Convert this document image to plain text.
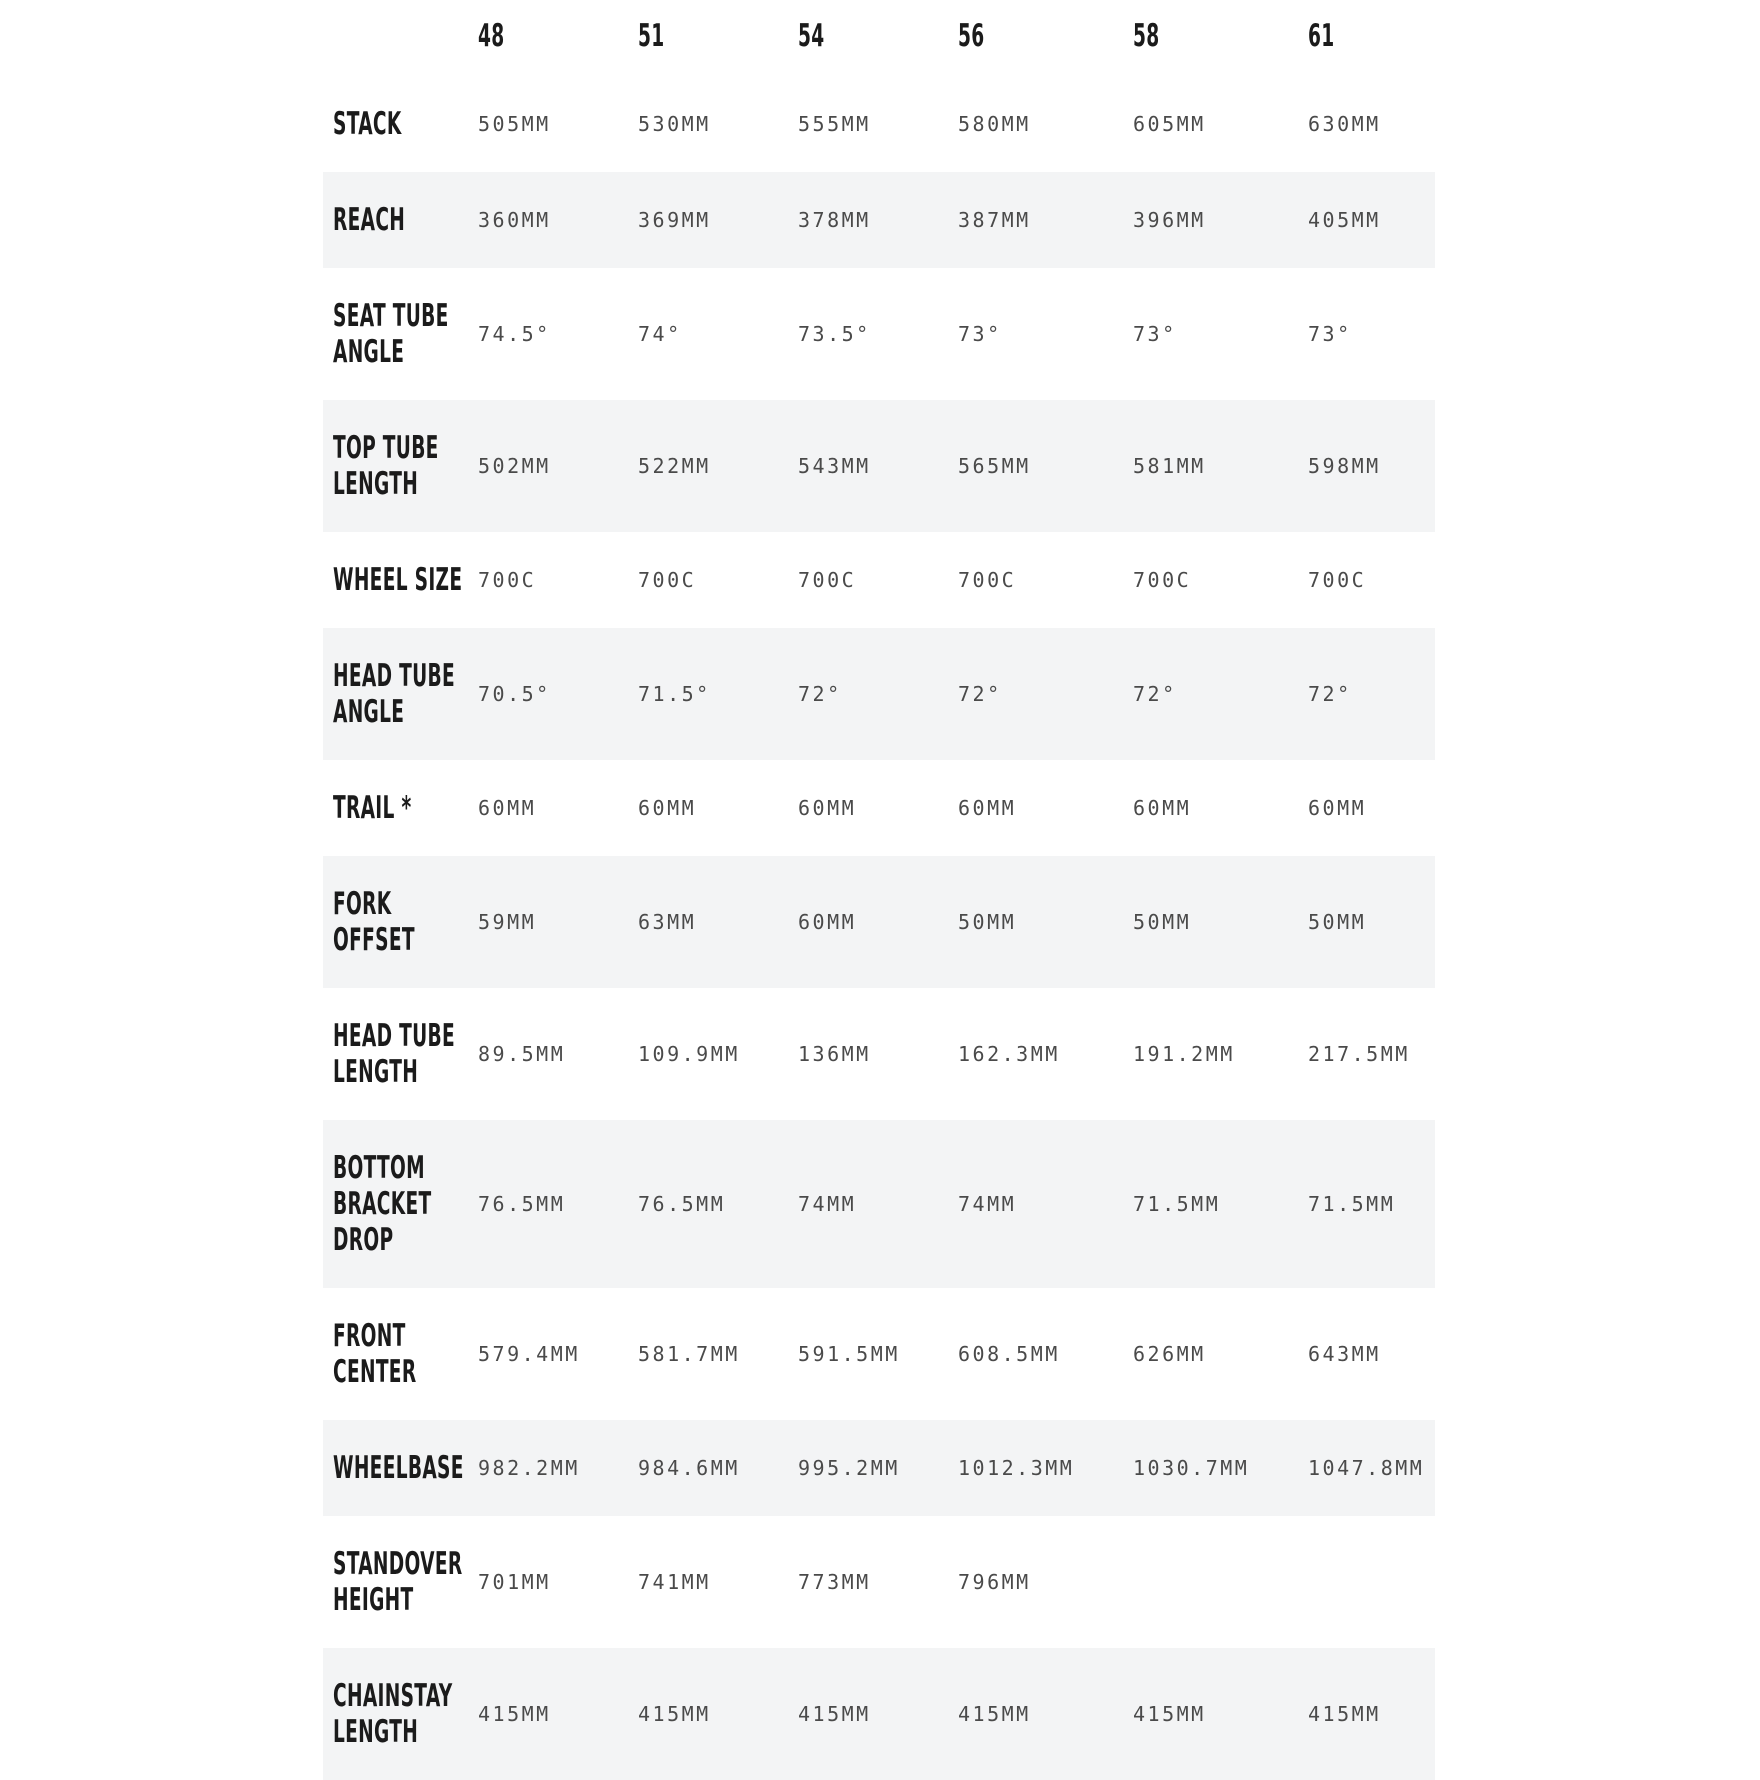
48	51	54	56	58	61
STACK	505MM	530MM	555MM	580MM	605MM	630MM
REACH	360MM	369MM	378MM	387MM	396MM	405MM
SEAT TUBE
ANGLE	74.5°	74°	73.5°	73°	73°	73°
TOP TUBE
LENGTH	502MM	522MM	543MM	565MM	581MM	598MM
WHEEL SIZE 700C	700C	700C	700C	700C	700C
HEAD TUBE
ANGLE	70.5°	71.5°	72°	72°	72°	72°
TRAIL *	60MM	60MM	60MM	60MM	60MM	60MM
FORK
OFFSET	59MM	63MM	60MM	50MM	50MM	50MM
HEAD TUBE
LENGTH	89.5MM	109.9MM	136MM	162.3MM	191.2MM	217.5MM
BOTTOM
BRACKET
DROP
76.5MM	76.5MM	74MM	74MM	71.5MM	71.5MM
FRONT
CENTER	579.4MM	581.7MM	591.5MM	608.5MM	626MM	643MM
WHEELBASE 982.2MM	984.6MM	995.2MM	1012.3MM	1030.7MM	1047.8MM
STANDOVER
HEIGHT	701MM	741MM	773MM	796MM
CHAINSTAY
LENGTH	415MM	415MM	415MM	415MM	415MM	415MM
